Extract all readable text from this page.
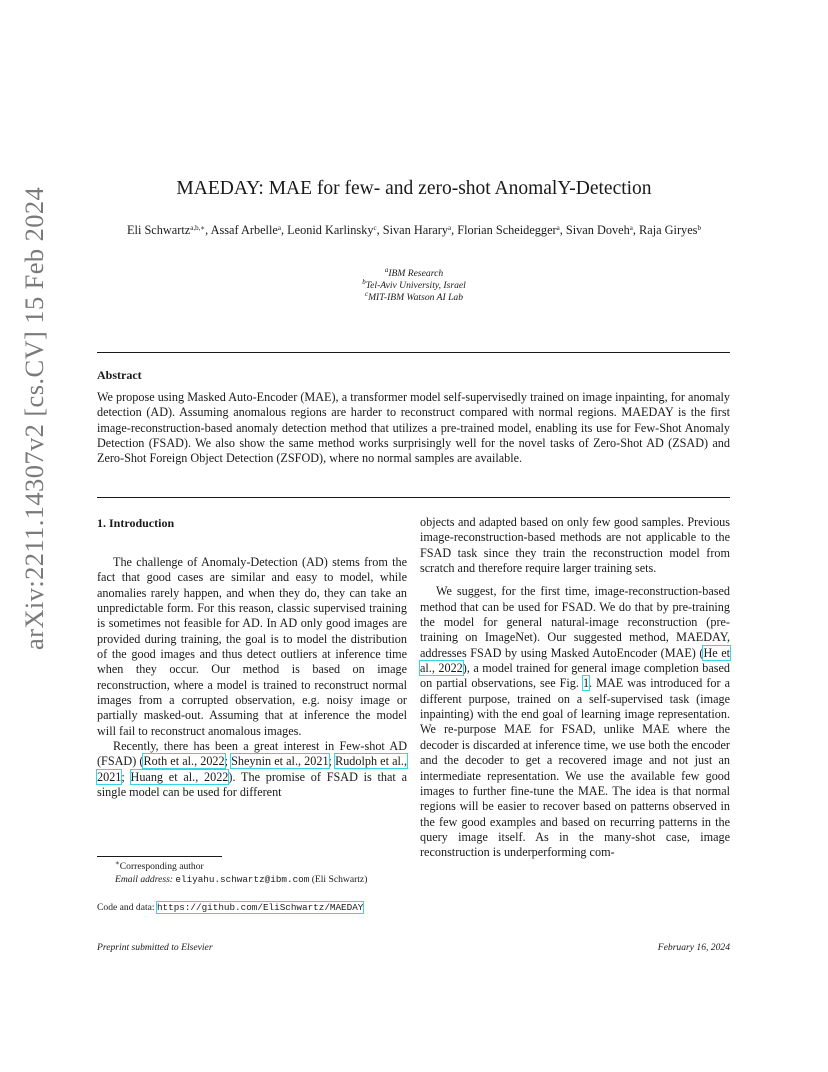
arXiv:2211.14307v2 [cs.CV] 15 Feb 2024	MAEDAY: MAE for few- and zero-shot AnomalY-Detection
Eli Schwartz$^{a,b,∗}$, Assaf Arbelle$^a$, Leonid Karlinsky$^c$, Sivan Harary$^a$, Florian Scheidegger$^a$, Sivan Doveh$^a$, Raja Giryes$^b$
$^a$IBM Research
$^b$Tel-Aviv University, Israel
$^c$MIT-IBM Watson AI Lab
Abstract
We propose using Masked Auto-Encoder (MAE), a transformer model self-supervisedly trained on image inpainting, for anomaly detection (AD). Assuming anomalous regions are harder to reconstruct compared with normal regions. MAEDAY is the first image-reconstruction-based anomaly detection method that utilizes a pre-trained model, enabling its use for Few-Shot Anomaly Detection (FSAD). We also show the same method works surprisingly well for the novel tasks of Zero-Shot AD (ZSAD) and Zero-Shot Foreign Object Detection (ZSFOD), where no normal samples are available.
1. Introduction

The challenge of Anomaly-Detection (AD) stems from the fact that good cases are similar and easy to model, while anomalies rarely happen, and when they do, they can take an unpredictable form. For this reason, classic supervised training is sometimes not feasible for AD. In AD only good images are provided during training, the goal is to model the distribution of the good images and thus detect outliers at inference time when they occur. Our method is based on image reconstruction, where a model is trained to reconstruct normal images from a corrupted observation, e.g. noisy image or partially masked-out. Assuming that at inference the model will fail to reconstruct anomalous images.

Recently, there has been a great interest in Few-shot AD (FSAD) (Roth et al., 2022; Sheynin et al., 2021; Rudolph et al., 2021; Huang et al., 2022). The promise of FSAD is that a single model can be used for different

∗Corresponding author
Email address: eliyahu.schwartz@ibm.com (Eli Schwartz)
Code and data: https://github.com/EliSchwartz/MAEDAY

objects and adapted based on only few good samples. Previous image-reconstruction-based methods are not applicable to the FSAD task since they train the reconstruction model from scratch and therefore require larger training sets.

We suggest, for the first time, image-reconstruction-based method that can be used for FSAD. We do that by pre-training the model for general natural-image reconstruction (pre-training on ImageNet). Our suggested method, MAEDAY, addresses FSAD by using Masked AutoEncoder (MAE) (He et al., 2022), a model trained for general image completion based on partial observations, see Fig. 1. MAE was introduced for a different purpose, trained on a self-supervised task (image inpainting) with the end goal of learning image representation. We re-purpose MAE for FSAD, unlike MAE where the decoder is discarded at inference time, we use both the encoder and the decoder to get a recovered image and not just an intermediate representation. We use the available few good images to further fine-tune the MAE. The idea is that normal regions will be easier to recover based on patterns observed in the few good examples and based on recurring patterns in the query image itself. As in the many-shot case, image reconstruction is underperforming com-

Preprint submitted to Elsevier	February 16, 2024
